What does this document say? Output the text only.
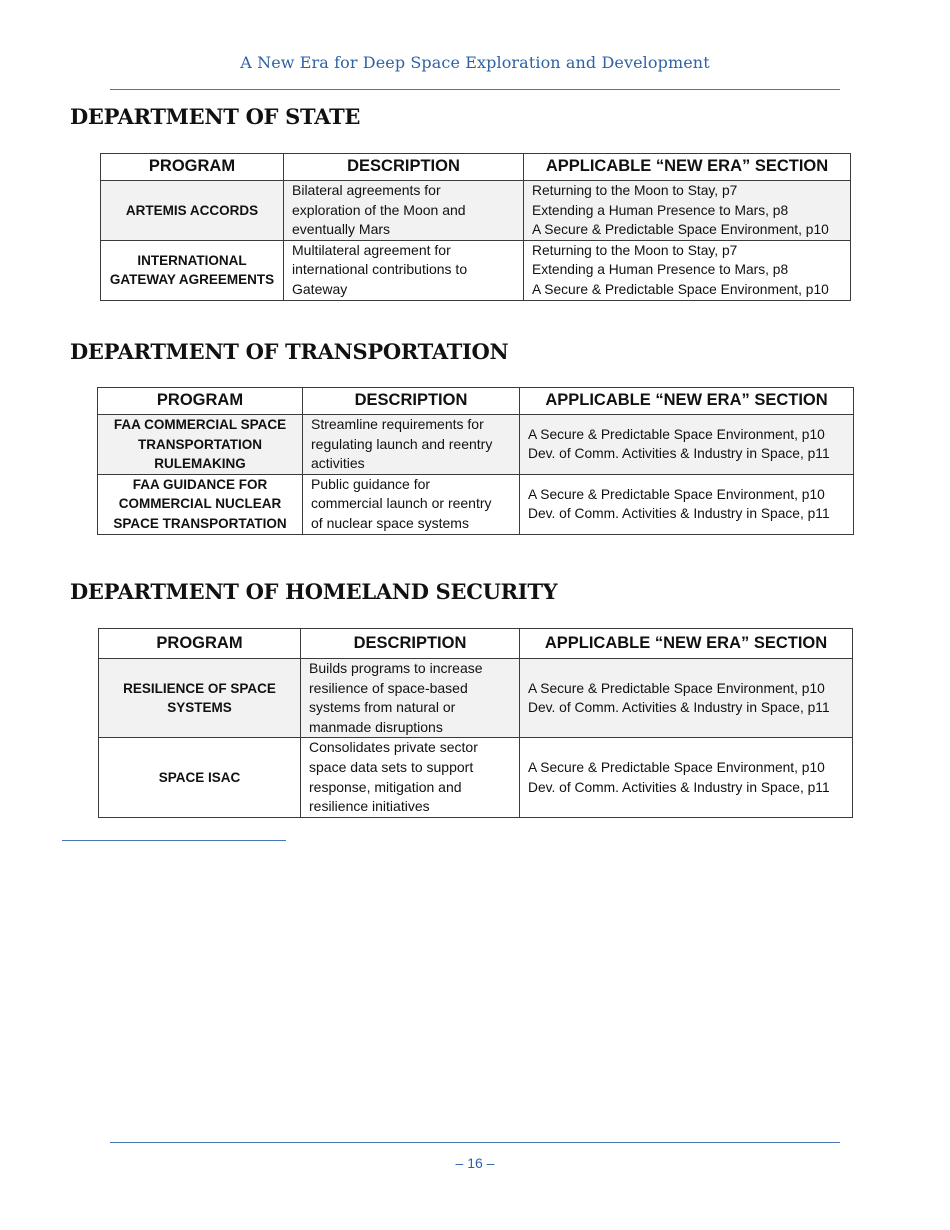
A New Era for Deep Space Exploration and Development
DEPARTMENT OF STATE
PROGRAM	DESCRIPTION	APPLICABLE “NEW ERA” SECTION

ARTEMIS ACCORDS	Bilateral agreements for
exploration of the Moon and
eventually Mars	Returning to the Moon to Stay, p7
Extending a Human Presence to Mars, p8
A Secure & Predictable Space Environment, p10

INTERNATIONAL
GATEWAY AGREEMENTS	Multilateral agreement for
international contributions to
Gateway	Returning to the Moon to Stay, p7
Extending a Human Presence to Mars, p8
A Secure & Predictable Space Environment, p10
DEPARTMENT OF TRANSPORTATION
PROGRAM	DESCRIPTION	APPLICABLE “NEW ERA” SECTION

FAA COMMERCIAL SPACE
TRANSPORTATION
RULEMAKING	Streamline requirements for
regulating launch and reentry
activities	A Secure & Predictable Space Environment, p10
Dev. of Comm. Activities & Industry in Space, p11

FAA GUIDANCE FOR
COMMERCIAL NUCLEAR
SPACE TRANSPORTATION	Public guidance for
commercial launch or reentry
of nuclear space systems	A Secure & Predictable Space Environment, p10
Dev. of Comm. Activities & Industry in Space, p11
DEPARTMENT OF HOMELAND SECURITY
PROGRAM	DESCRIPTION	APPLICABLE “NEW ERA” SECTION

RESILIENCE OF SPACE
SYSTEMS	Builds programs to increase
resilience of space-based
systems from natural or
manmade disruptions	A Secure & Predictable Space Environment, p10
Dev. of Comm. Activities & Industry in Space, p11

SPACE ISAC	Consolidates private sector
space data sets to support
response, mitigation and
resilience initiatives	A Secure & Predictable Space Environment, p10
Dev. of Comm. Activities & Industry in Space, p11
– 16 –
